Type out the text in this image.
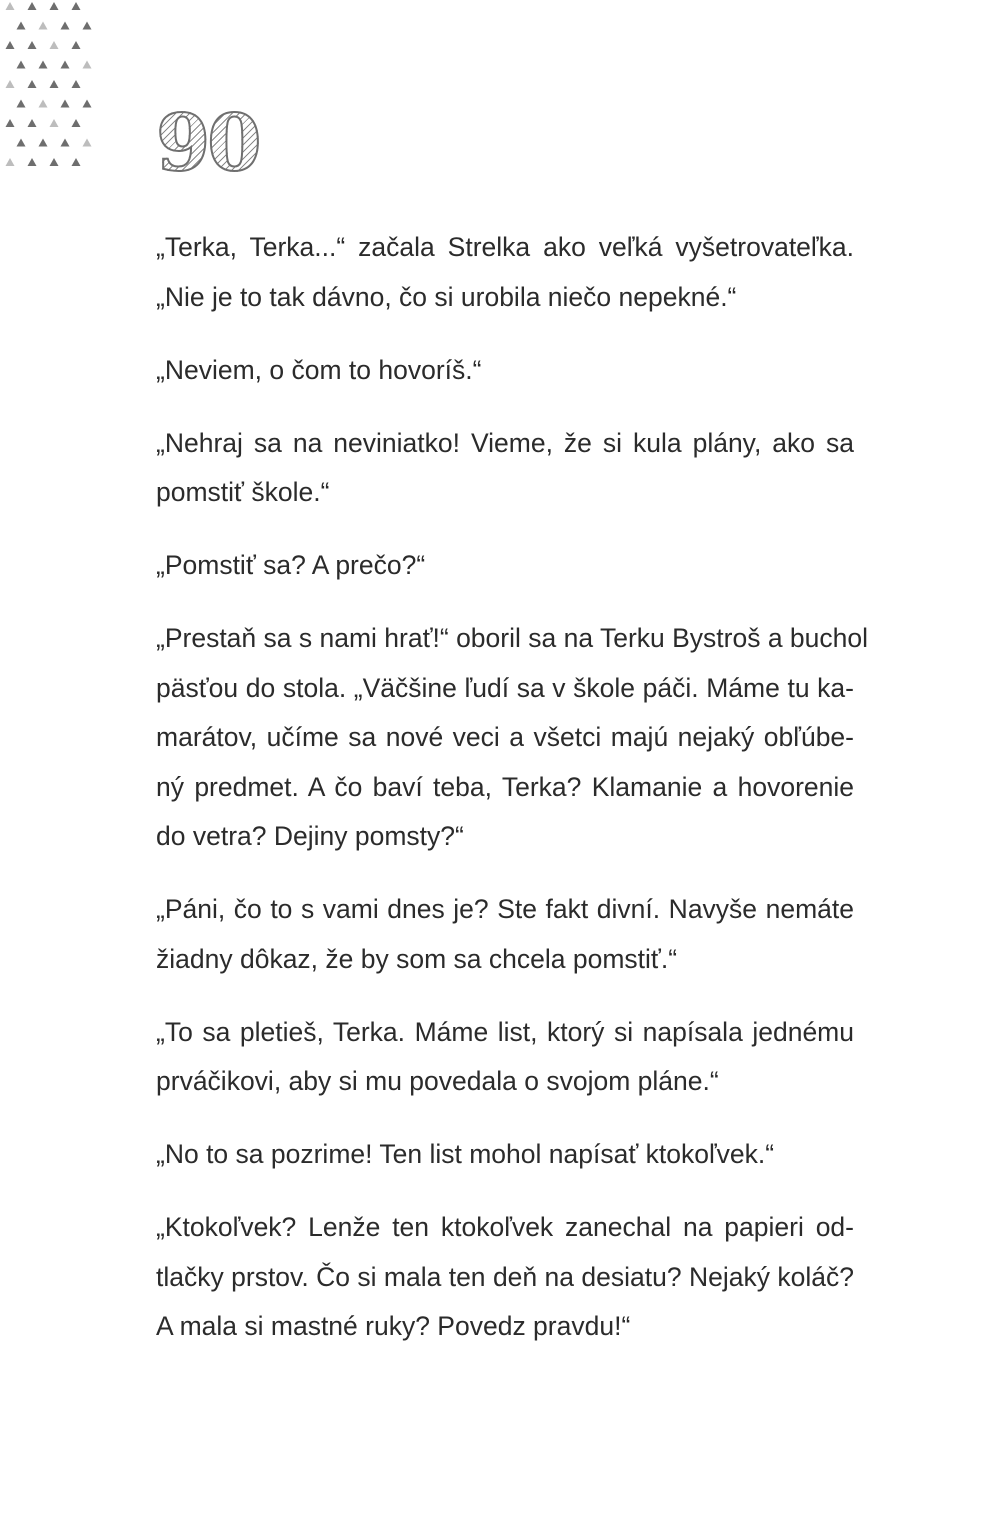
90
„Terka, Terka...“ začala Strelka ako veľká vyšetrovateľka.
„Nie je to tak dávno, čo si urobila niečo nepekné.“
„Neviem, o čom to hovoríš.“
„Nehraj sa na neviniatko! Vieme, že si kula plány, ako sa
pomstiť škole.“
„Pomstiť sa? A prečo?“
„Prestaň sa s nami hrať!“ oboril sa na Terku Bystroš a buchol
päsťou do stola. „Väčšine ľudí sa v škole páči. Máme tu ka-
marátov, učíme sa nové veci a všetci majú nejaký obľúbe-
ný predmet. A čo baví teba, Terka? Klamanie a hovorenie
do vetra? Dejiny pomsty?“
„Páni, čo to s vami dnes je? Ste fakt divní. Navyše nemáte
žiadny dôkaz, že by som sa chcela pomstiť.“
„To sa pletieš, Terka. Máme list, ktorý si napísala jednému
prváčikovi, aby si mu povedala o svojom pláne.“
„No to sa pozrime! Ten list mohol napísať ktokoľvek.“
„Ktokoľvek? Lenže ten ktokoľvek zanechal na papieri od-
tlačky prstov. Čo si mala ten deň na desiatu? Nejaký koláč?
A mala si mastné ruky? Povedz pravdu!“
